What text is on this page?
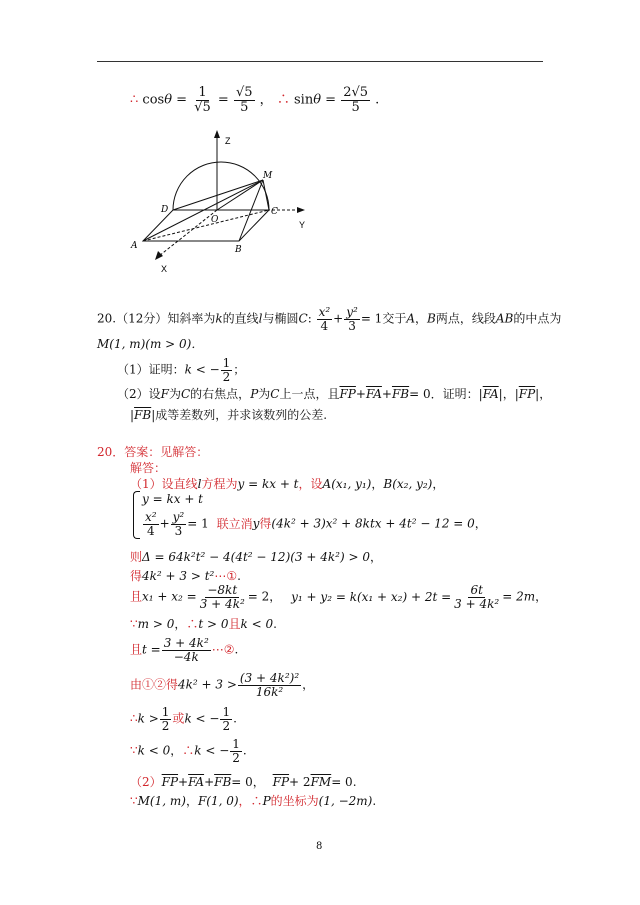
∴ $\cos\theta = \frac{1}{√5} = \frac{√5}{5}$ ， ∴ $\sin\theta = \frac{2√5}{5}$ .
Z
Y
X
M
D
O
C
A	B
20.（12分）知斜率为k的直线l与椭圆C: $\frac{\text{x²}}{4} + \frac{\text{y²}}{3} = 1$交于A，B两点，线段AB的中点为
M(1, m)(m > 0)．
（1）证明：k < − $\frac{1}{2}$ ；
（2）设F为C的右焦点，P为C上一点，且$\overline{FP}+\overline{FA}+\overline{FB}= 0$．证明：$|\overline{FA}|$，$|\overline{FP}|$，
$|\overline{FB}|$成等差数列，并求该数列的公差.
20．答案：见解答：
解答：
（1）设直线l方程为y = kx + t，设A(x₁, y₁)，B(x₂, y₂)，
y = kx + t
$\frac{\text{x²}}{4} + \frac{\text{y²}}{3} = 1$ 联立消y得(4k² + 3)x² + 8ktx + 4t² − 12 = 0，
则Δ = 64k²t² − 4(4t² − 12)(3 + 4k²) > 0，
得4k² + 3 > t²⋯①.
且$x_1 + x_2 = \frac{-8kt}{\text{3 + 4k²}} = 2$， $y_1 + y_2 = k(x_1 + x_2) + 2t = \frac{6t}{\text{3 + 4k²}} = 2m$，
∵m > 0，∴t > 0且k < 0.
且$t = \frac{\text{3 + 4k²}}{-4k}$ ⋯②.
由①②得$4k^2 + 3 > \frac{\text{(3 + 4k²)²}}{\text{16k²}}$ ，
∴k > $\frac{1}{2}$ 或k < − $\frac{1}{2}$ .
∵k < 0，∴k < − $\frac{1}{2}$ .
$(2)\overline{FP}+\overline{FA}+\overline{FB}= 0$， $\overline{FP}+ 2\overline{FM}= 0$.
∵M(1, m)，F(1, 0)，∴P的坐标为(1, −2m).
8
